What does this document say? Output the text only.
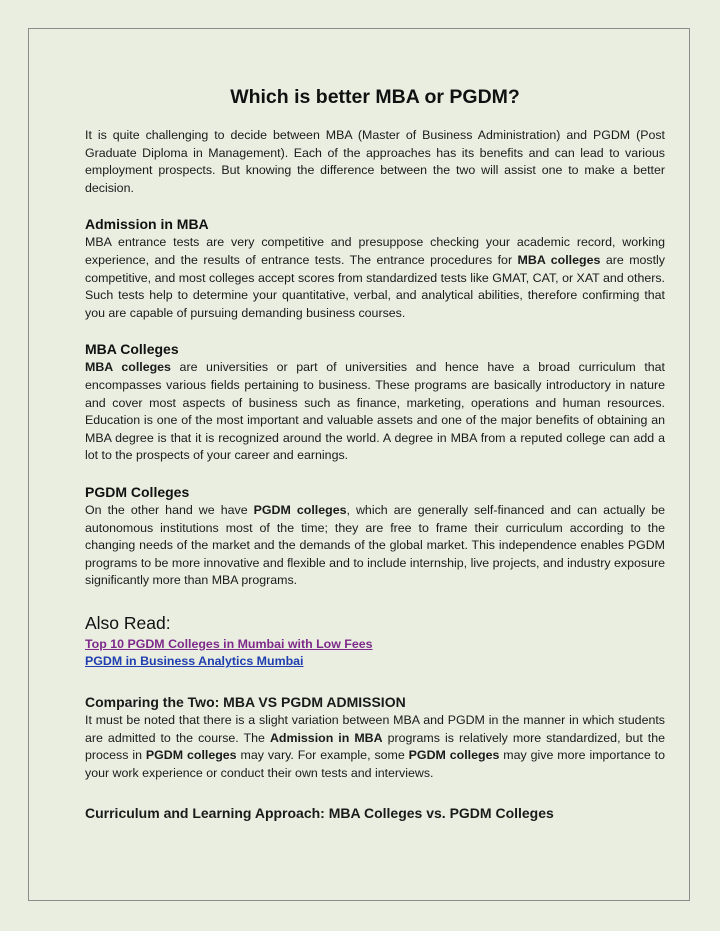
Which is better MBA or PGDM?

It is quite challenging to decide between MBA (Master of Business Administration) and PGDM (Post Graduate Diploma in Management). Each of the approaches has its benefits and can lead to various employment prospects. But knowing the difference between the two will assist one to make a better decision.

Admission in MBA

MBA entrance tests are very competitive and presuppose checking your academic record, working experience, and the results of entrance tests. The entrance procedures for MBA colleges are mostly competitive, and most colleges accept scores from standardized tests like GMAT, CAT, or XAT and others. Such tests help to determine your quantitative, verbal, and analytical abilities, therefore confirming that you are capable of pursuing demanding business courses.

MBA Colleges

MBA colleges are universities or part of universities and hence have a broad curriculum that encompasses various fields pertaining to business. These programs are basically introductory in nature and cover most aspects of business such as finance, marketing, operations and human resources. Education is one of the most important and valuable assets and one of the major benefits of obtaining an MBA degree is that it is recognized around the world. A degree in MBA from a reputed college can add a lot to the prospects of your career and earnings.

PGDM Colleges

On the other hand we have PGDM colleges, which are generally self-financed and can actually be autonomous institutions most of the time; they are free to frame their curriculum according to the changing needs of the market and the demands of the global market. This independence enables PGDM programs to be more innovative and flexible and to include internship, live projects, and industry exposure significantly more than MBA programs.

Also Read:
Top 10 PGDM Colleges in Mumbai with Low Fees
PGDM in Business Analytics Mumbai
Comparing the Two: MBA VS PGDM ADMISSION

It must be noted that there is a slight variation between MBA and PGDM in the manner in which students are admitted to the course. The Admission in MBA programs is relatively more standardized, but the process in PGDM colleges may vary. For example, some PGDM colleges may give more importance to your work experience or conduct their own tests and interviews.

Curriculum and Learning Approach: MBA Colleges vs. PGDM Colleges
